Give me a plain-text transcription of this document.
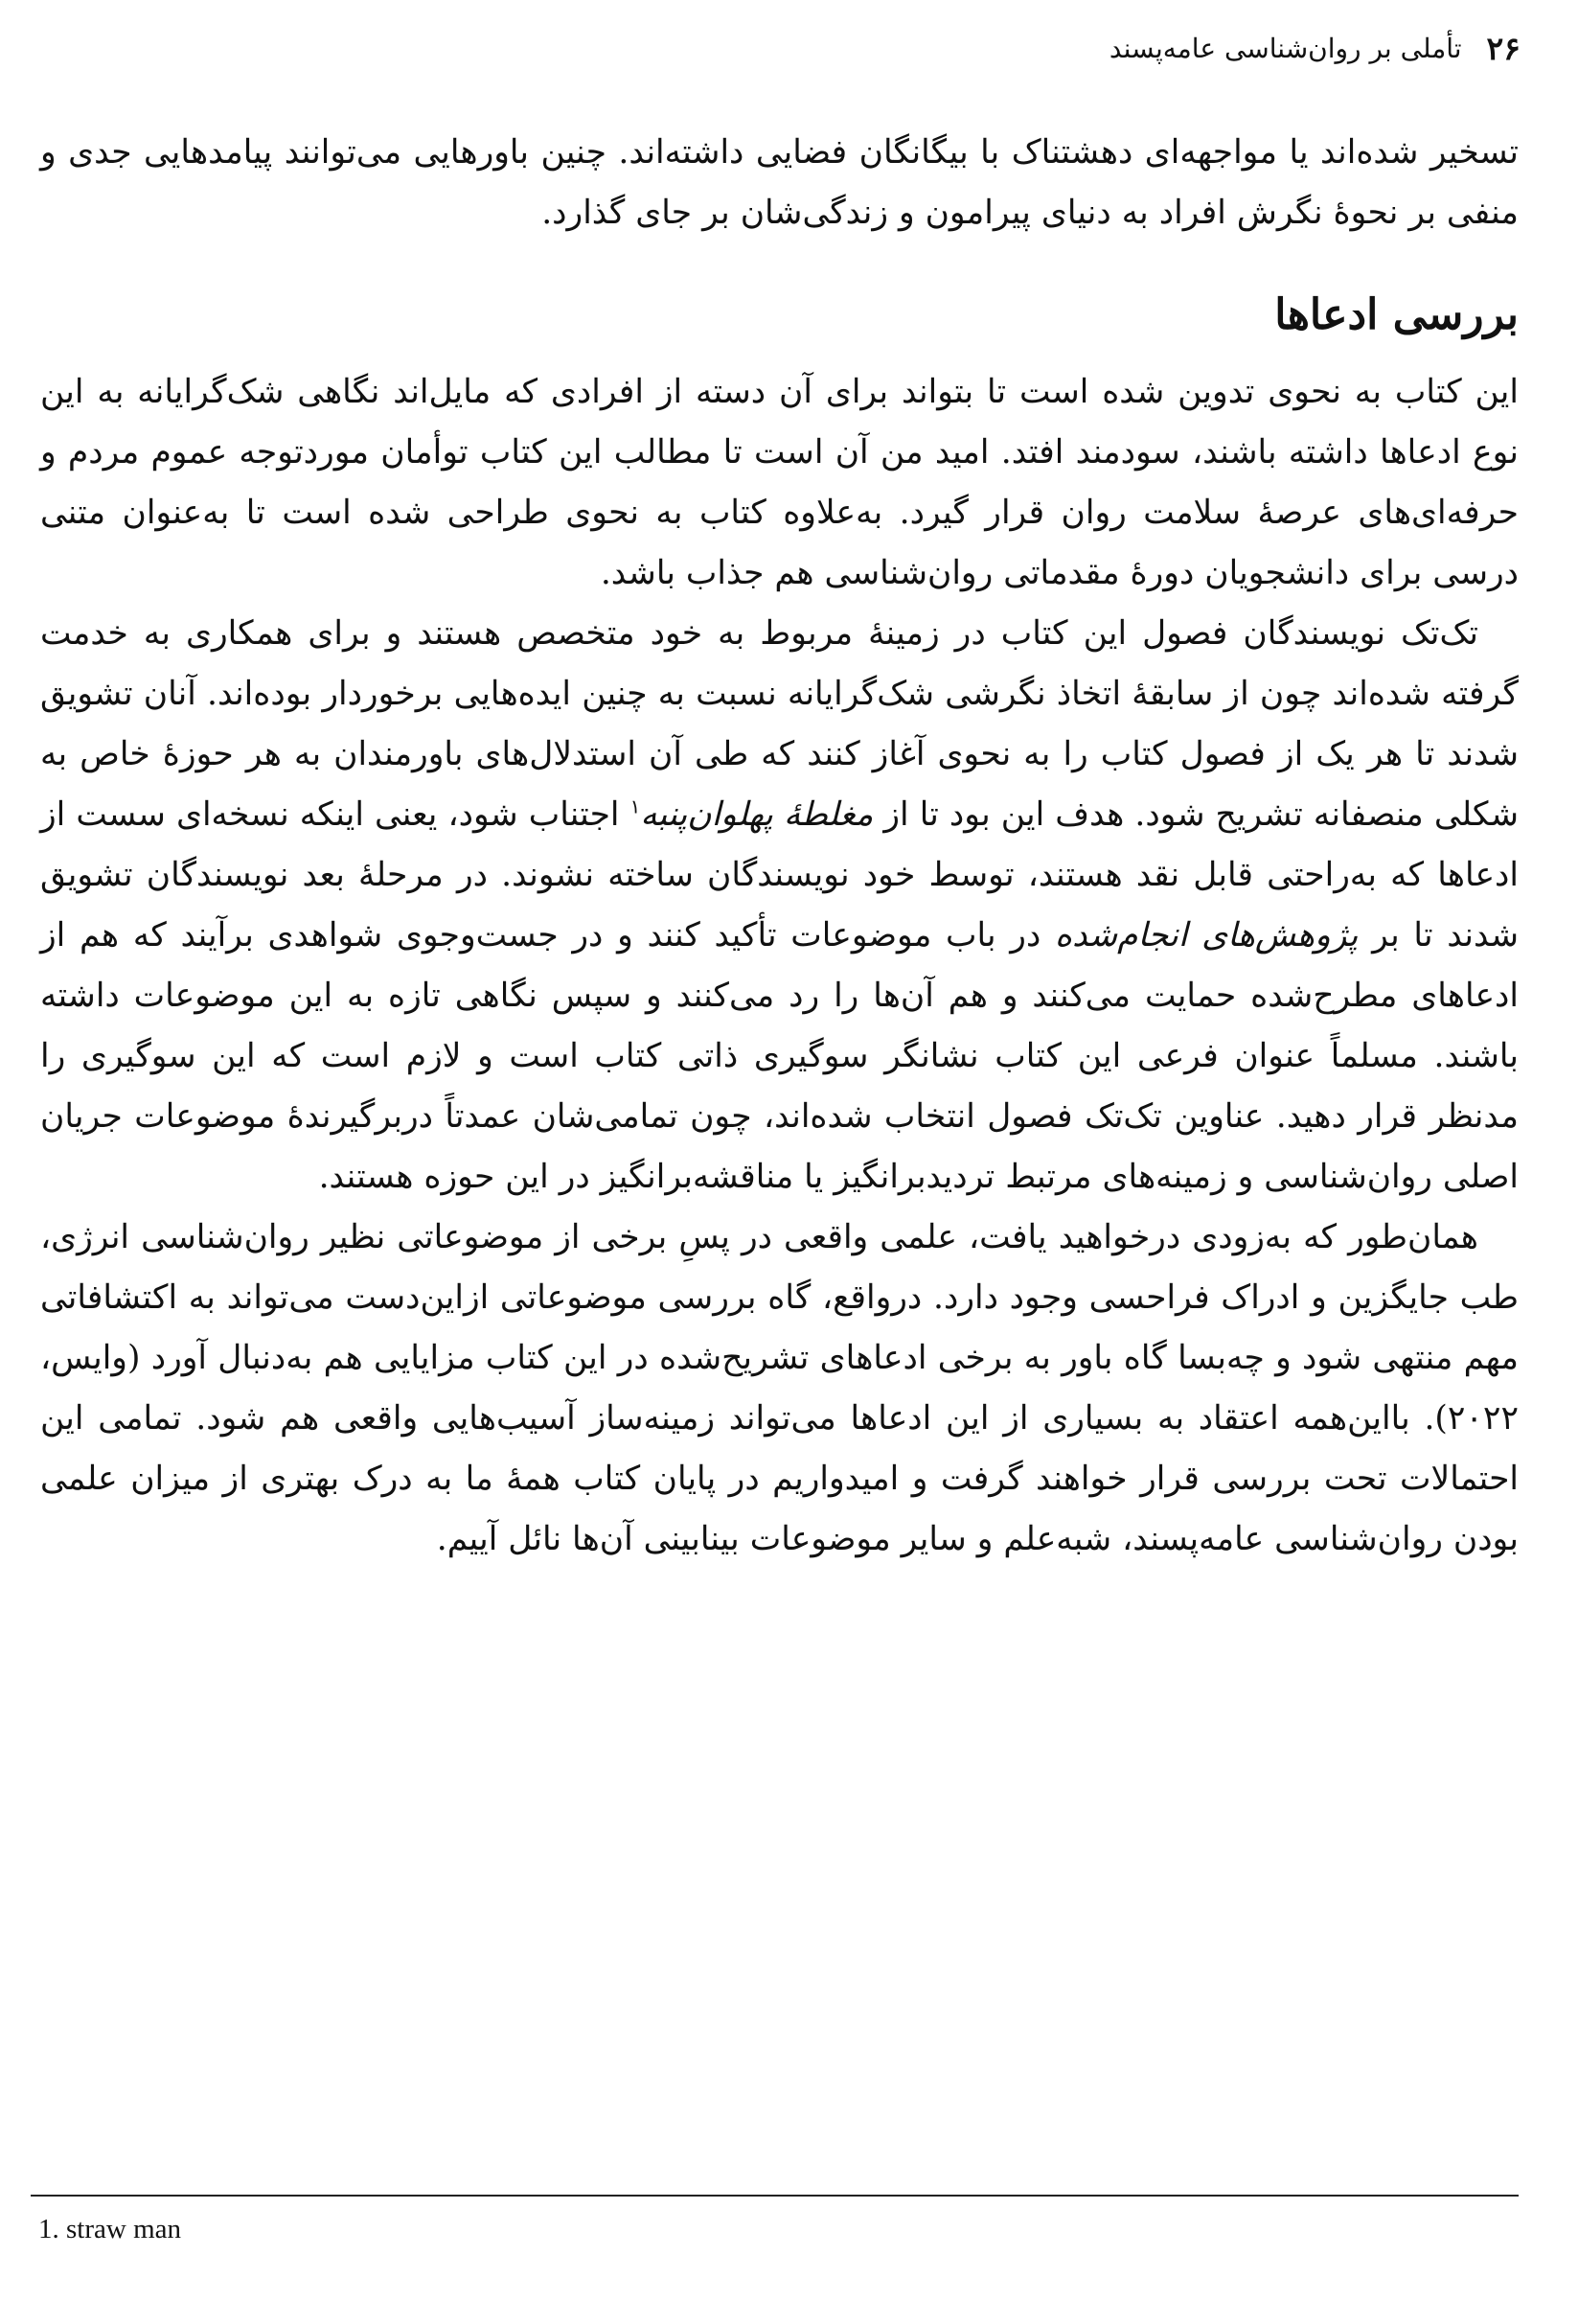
۲۶
تأملی بر روان‌شناسی عامه‌پسند

تسخیر شده‌اند یا مواجهه‌ای دهشتناک با بیگانگان فضایی داشته‌اند. چنین باورهایی می‌توانند پیامدهایی جدی و منفی بر نحوهٔ نگرش افراد به دنیای پیرامون و زندگی‌شان بر جای گذارد.

بررسی ادعاها

این کتاب به نحوی تدوین شده است تا بتواند برای آن دسته از افرادی که مایل‌اند نگاهی شک‌گرایانه به این نوع ادعاها داشته باشند، سودمند افتد. امید من آن است تا مطالب این کتاب توأمان موردتوجه عموم مردم و حرفه‌ای‌های عرصهٔ سلامت روان قرار گیرد. به‌علاوه کتاب به نحوی طراحی شده است تا به‌عنوان متنی درسی برای دانشجویان دورهٔ مقدماتی روان‌شناسی هم جذاب باشد.

تک‌تک نویسندگان فصول این کتاب در زمینهٔ مربوط به خود متخصص هستند و برای همکاری به خدمت گرفته شده‌اند چون از سابقهٔ اتخاذ نگرشی شک‌گرایانه نسبت به چنین ایده‌هایی برخوردار بوده‌اند. آنان تشویق شدند تا هر یک از فصول کتاب را به نحوی آغاز کنند که طی آن استدلال‌های باورمندان به هر حوزهٔ خاص به شکلی منصفانه تشریح شود. هدف این بود تا از مغلطهٔ پهلوان‌پنبه$^۱$ اجتناب شود، یعنی اینکه نسخه‌ای سست از ادعاها که به‌راحتی قابل نقد هستند، توسط خود نویسندگان ساخته نشوند. در مرحلهٔ بعد نویسندگان تشویق شدند تا بر پژوهش‌های انجام‌شده در باب موضوعات تأکید کنند و در جست‌وجوی شواهدی برآیند که هم از ادعاهای مطرح‌شده حمایت می‌کنند و هم آن‌ها را رد می‌کنند و سپس نگاهی تازه به این موضوعات داشته باشند. مسلماً عنوان فرعی این کتاب نشانگر سوگیری ذاتی کتاب است و لازم است که این سوگیری را مدنظر قرار دهید. عناوین تک‌تک فصول انتخاب شده‌اند، چون تمامی‌شان عمدتاً دربرگیرندهٔ موضوعات جریان اصلی روان‌شناسی و زمینه‌های مرتبط تردیدبرانگیز یا مناقشه‌برانگیز در این حوزه هستند.

همان‌طور که به‌زودی درخواهید یافت، علمی واقعی در پسِ برخی از موضوعاتی نظیر روان‌شناسی انرژی، طب جایگزین و ادراک فراحسی وجود دارد. درواقع، گاه بررسی موضوعاتی ازاین‌دست می‌تواند به اکتشافاتی مهم منتهی شود و چه‌بسا گاه باور به برخی ادعاهای تشریح‌شده در این کتاب مزایایی هم به‌دنبال آورد (وایس، ۲۰۲۲). بااین‌همه اعتقاد به بسیاری از این ادعاها می‌تواند زمینه‌ساز آسیب‌هایی واقعی هم شود. تمامی این احتمالات تحت بررسی قرار خواهند گرفت و امیدواریم در پایان کتاب همهٔ ما به درک بهتری از میزان علمی بودن روان‌شناسی عامه‌پسند، شبه‌علم و سایر موضوعات بینابینی آن‌ها نائل آییم.

1. straw man
